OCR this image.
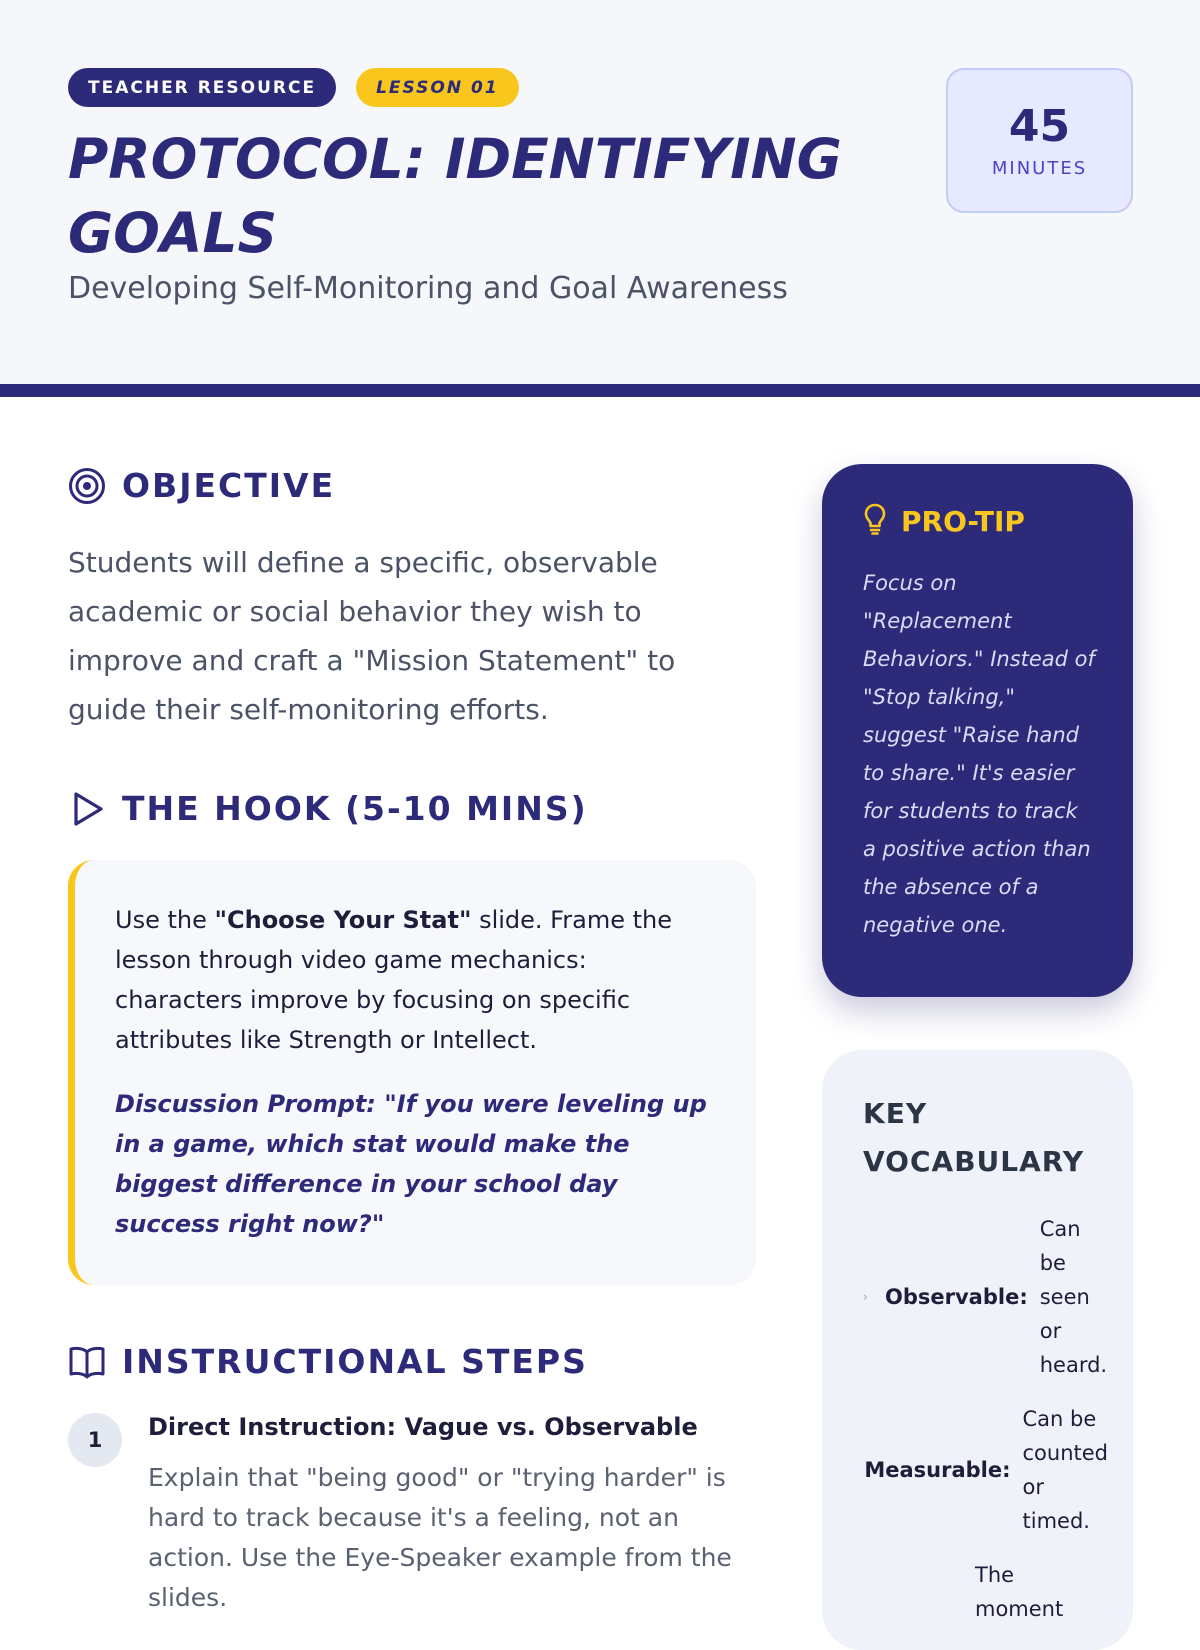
TEACHER RESOURCE	LESSON 01
PROTOCOL: IDENTIFYING GOALS
Developing Self-Monitoring and Goal Awareness
45
MINUTES
OBJECTIVE

Students will define a specific, observable academic or social behavior they wish to improve and craft a "Mission Statement" to guide their self-monitoring efforts.

THE HOOK (5-10 MINS)

Use the "Choose Your Stat" slide. Frame the lesson through video game mechanics: characters improve by focusing on specific attributes like Strength or Intellect.

Discussion Prompt: "If you were leveling up in a game, which stat would make the biggest difference in your school day success right now?"

INSTRUCTIONAL STEPS
1	Direct Instruction: Vague vs. Observable

Explain that "being good" or "trying harder" is hard to track because it's a feeling, not an action. Use the Eye-Speaker example from the slides.

PRO-TIP

Focus on "Replacement Behaviors." Instead of "Stop talking," suggest "Raise hand to share." It's easier for students to track a positive action than the absence of a negative one.

KEY VOCABULARY
› Observable:
Can be seen or heard.
Measurable:
Can be counted or timed.
The moment
